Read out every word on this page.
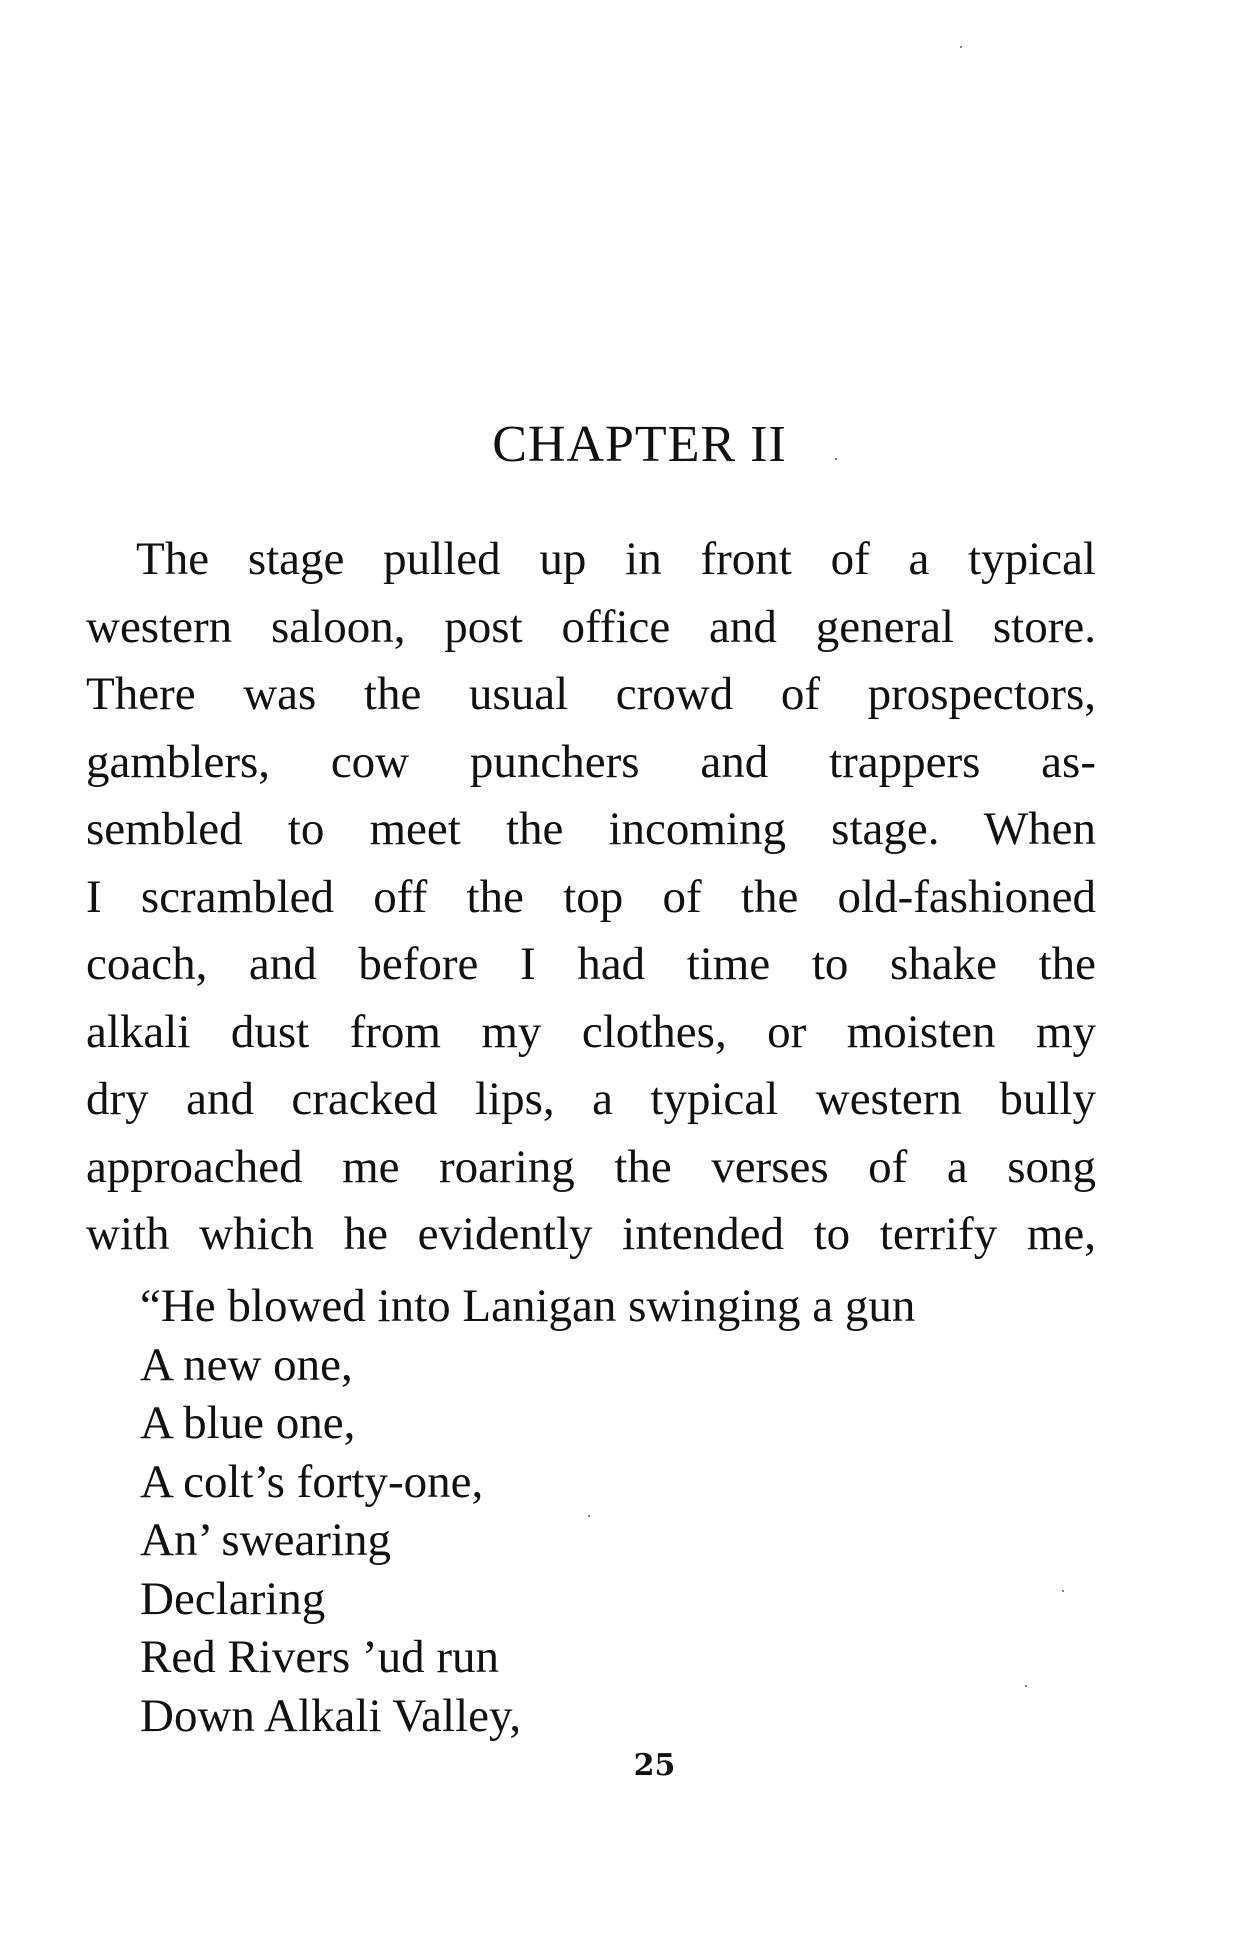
CHAPTER II
The stage pulled up in front of a typical
western saloon, post office and general store.
There was the usual crowd of prospectors,
gamblers, cow punchers and trappers as-
sembled to meet the incoming stage. When
I scrambled off the top of the old-fashioned
coach, and before I had time to shake the
alkali dust from my clothes, or moisten my
dry and cracked lips, a typical western bully
approached me roaring the verses of a song
with which he evidently intended to terrify me,
“He blowed into Lanigan swinging a gun
A new one,
A blue one,
A colt’s forty-one,
An’ swearing
Declaring
Red Rivers ’ud run
Down Alkali Valley,
25
